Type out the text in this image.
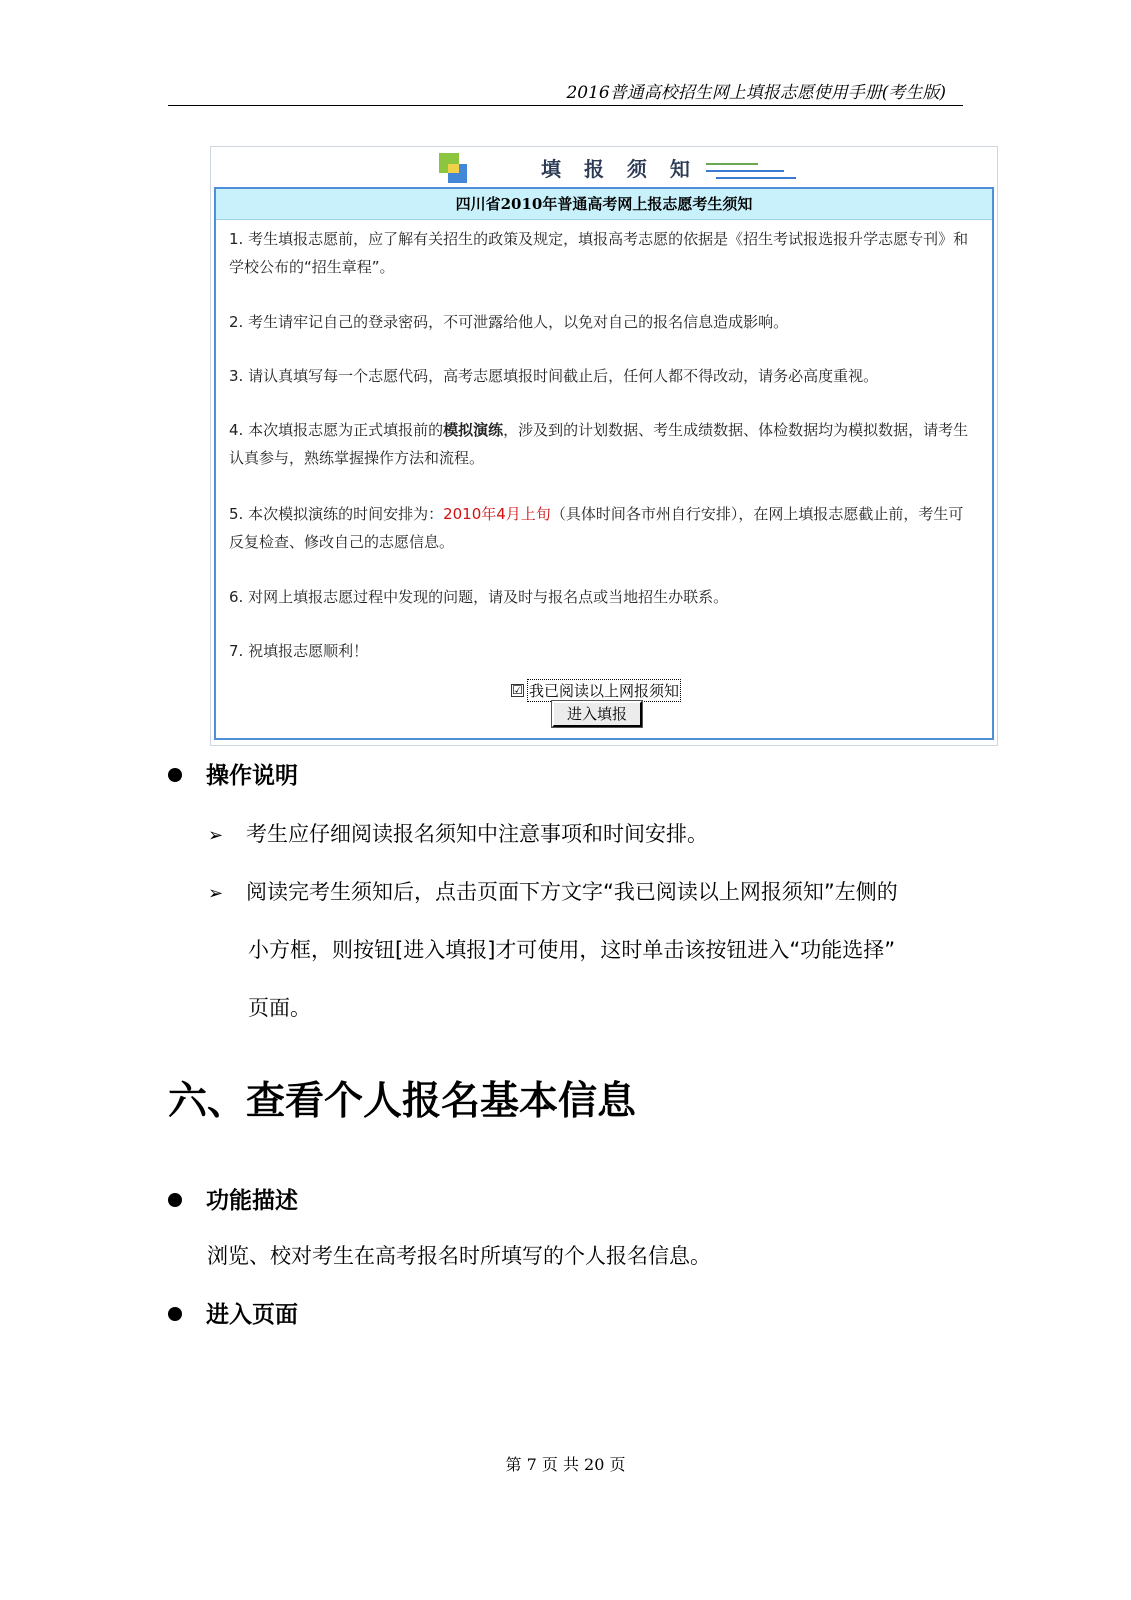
2016普通高校招生网上填报志愿使用手册(考生版)
填 报 须 知
四川省2010年普通高考网上报志愿考生须知
1. 考生填报志愿前，应了解有关招生的政策及规定，填报高考志愿的依据是《招生考试报选报升学志愿专刊》和学校公布的“招生章程”。
2. 考生请牢记自己的登录密码，不可泄露给他人，以免对自己的报名信息造成影响。
3. 请认真填写每一个志愿代码，高考志愿填报时间截止后，任何人都不得改动，请务必高度重视。
4. 本次填报志愿为正式填报前的模拟演练，涉及到的计划数据、考生成绩数据、体检数据均为模拟数据，请考生认真参与，熟练掌握操作方法和流程。
5. 本次模拟演练的时间安排为：2010年4月上旬（具体时间各市州自行安排），在网上填报志愿截止前，考生可反复检查、修改自己的志愿信息。
6. 对网上填报志愿过程中发现的问题，请及时与报名点或当地招生办联系。
7. 祝填报志愿顺利！
☑ 我已阅读以上网报须知
进入填报
操作说明
➢ 考生应仔细阅读报名须知中注意事项和时间安排。
➢ 阅读完考生须知后，点击页面下方文字“我已阅读以上网报须知”左侧的
小方框，则按钮[进入填报]才可使用，这时单击该按钮进入“功能选择”
页面。
六、查看个人报名基本信息
功能描述
浏览、校对考生在高考报名时所填写的个人报名信息。
进入页面
第 7 页 共 20 页
